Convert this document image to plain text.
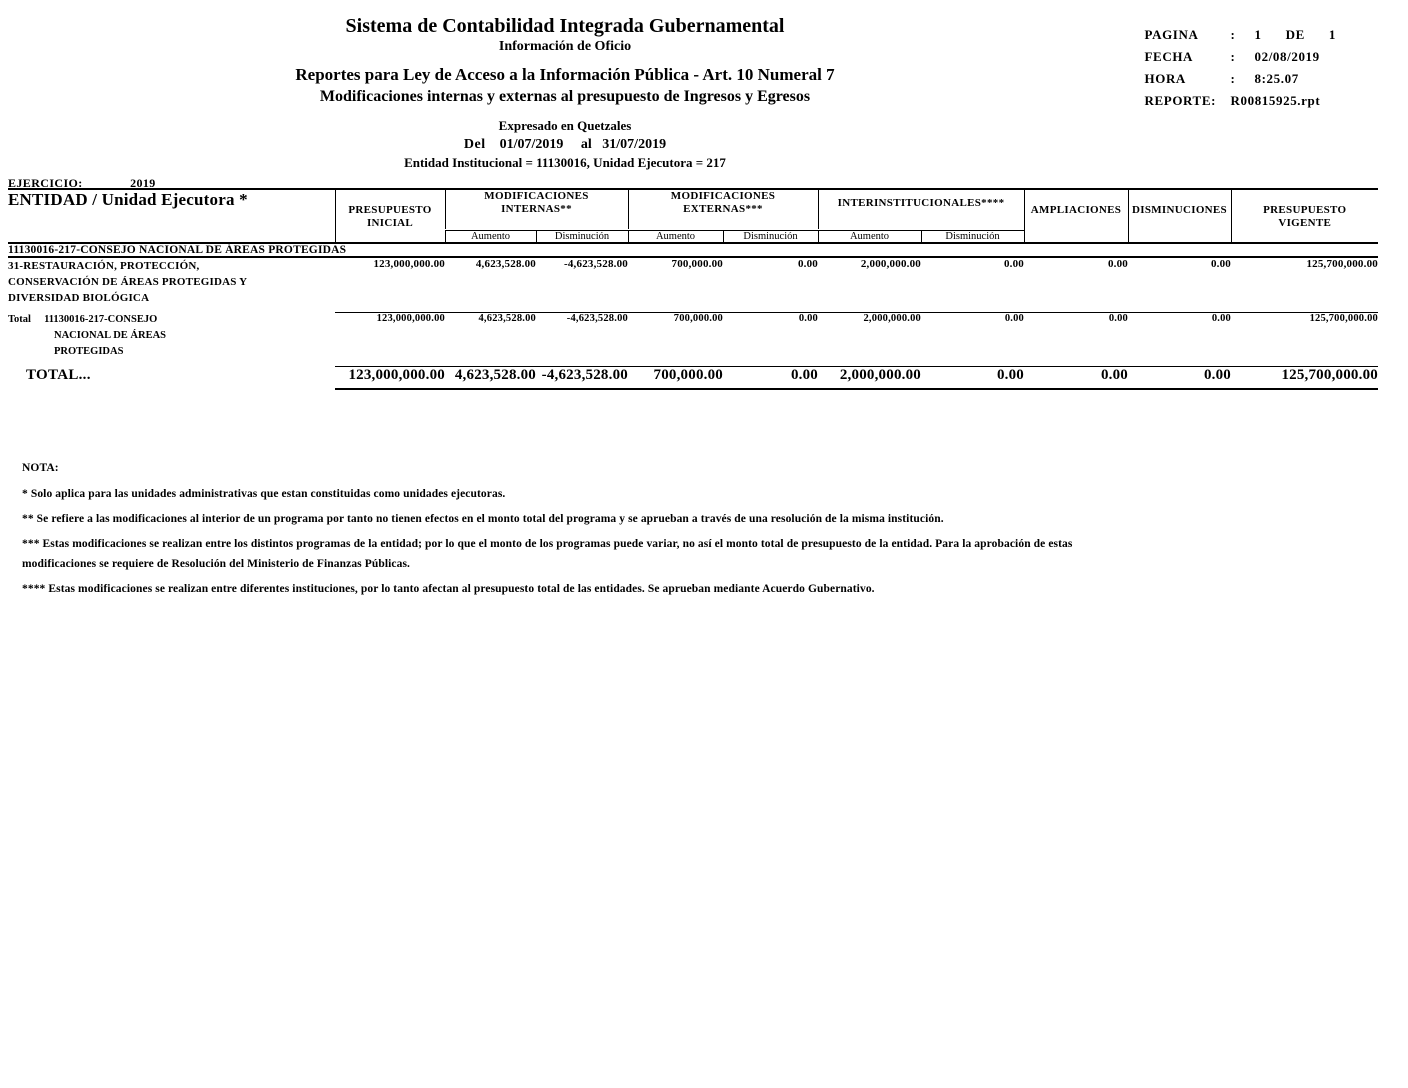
Sistema de Contabilidad Integrada Gubernamental
Información de Oficio
Reportes para Ley de Acceso a la Información Pública - Art. 10 Numeral 7
Modificaciones internas y externas al presupuesto de Ingresos y Egresos
Expresado en Quetzales
Del 01/07/2019 al 31/07/2019
Entidad Institucional = 11130016, Unidad Ejecutora = 217
PAGINA	:	1 DE 1
FECHA	:	02/08/2019
HORA	:	8:25.07
REPORTE:	R00815925.rpt
EJERCICIO:	2019
ENTIDAD / Unidad Ejecutora *	
PRESUPUESTO
INICIAL

MODIFICACIONES
INTERNAS**

MODIFICACIONES
EXTERNAS***	INTERINSTITUCIONALES****
	AMPLIACIONES	DISMINUCIONES	PRESUPUESTO
VIGENTE

		Aumento	Disminución	Aumento	Disminución	Aumento	Disminución			
11130016-217-CONSEJO NACIONAL DE ÁREAS PROTEGIDAS										

31-RESTAURACIÓN, PROTECCIÓN,
CONSERVACIÓN DE ÁREAS PROTEGIDAS Y
DIVERSIDAD BIOLÓGICA	123,000,000.00	4,623,528.00	-4,623,528.00	700,000.00	0.00	2,000,000.00	0.00	0.00	0.00	125,700,000.00

Total 11130016-217-CONSEJO
NACIONAL DE ÁREAS
PROTEGIDAS	123,000,000.00	4,623,528.00	-4,623,528.00	700,000.00	0.00	2,000,000.00	0.00	0.00	0.00	125,700,000.00

TOTAL...	123,000,000.00	4,623,528.00	-4,623,528.00	700,000.00	0.00	2,000,000.00	0.00	0.00	0.00	125,700,000.00

NOTA:

* Solo aplica para las unidades administrativas que estan constituidas como unidades ejecutoras.

** Se refiere a las modificaciones al interior de un programa por tanto no tienen efectos en el monto total del programa y se aprueban a través de una resolución de la misma institución.

*** Estas modificaciones se realizan entre los distintos programas de la entidad; por lo que el monto de los programas puede variar, no así el monto total de presupuesto de la entidad. Para la aprobación de estas

modificaciones se requiere de Resolución del Ministerio de Finanzas Públicas.

**** Estas modificaciones se realizan entre diferentes instituciones, por lo tanto afectan al presupuesto total de las entidades. Se aprueban mediante Acuerdo Gubernativo.
